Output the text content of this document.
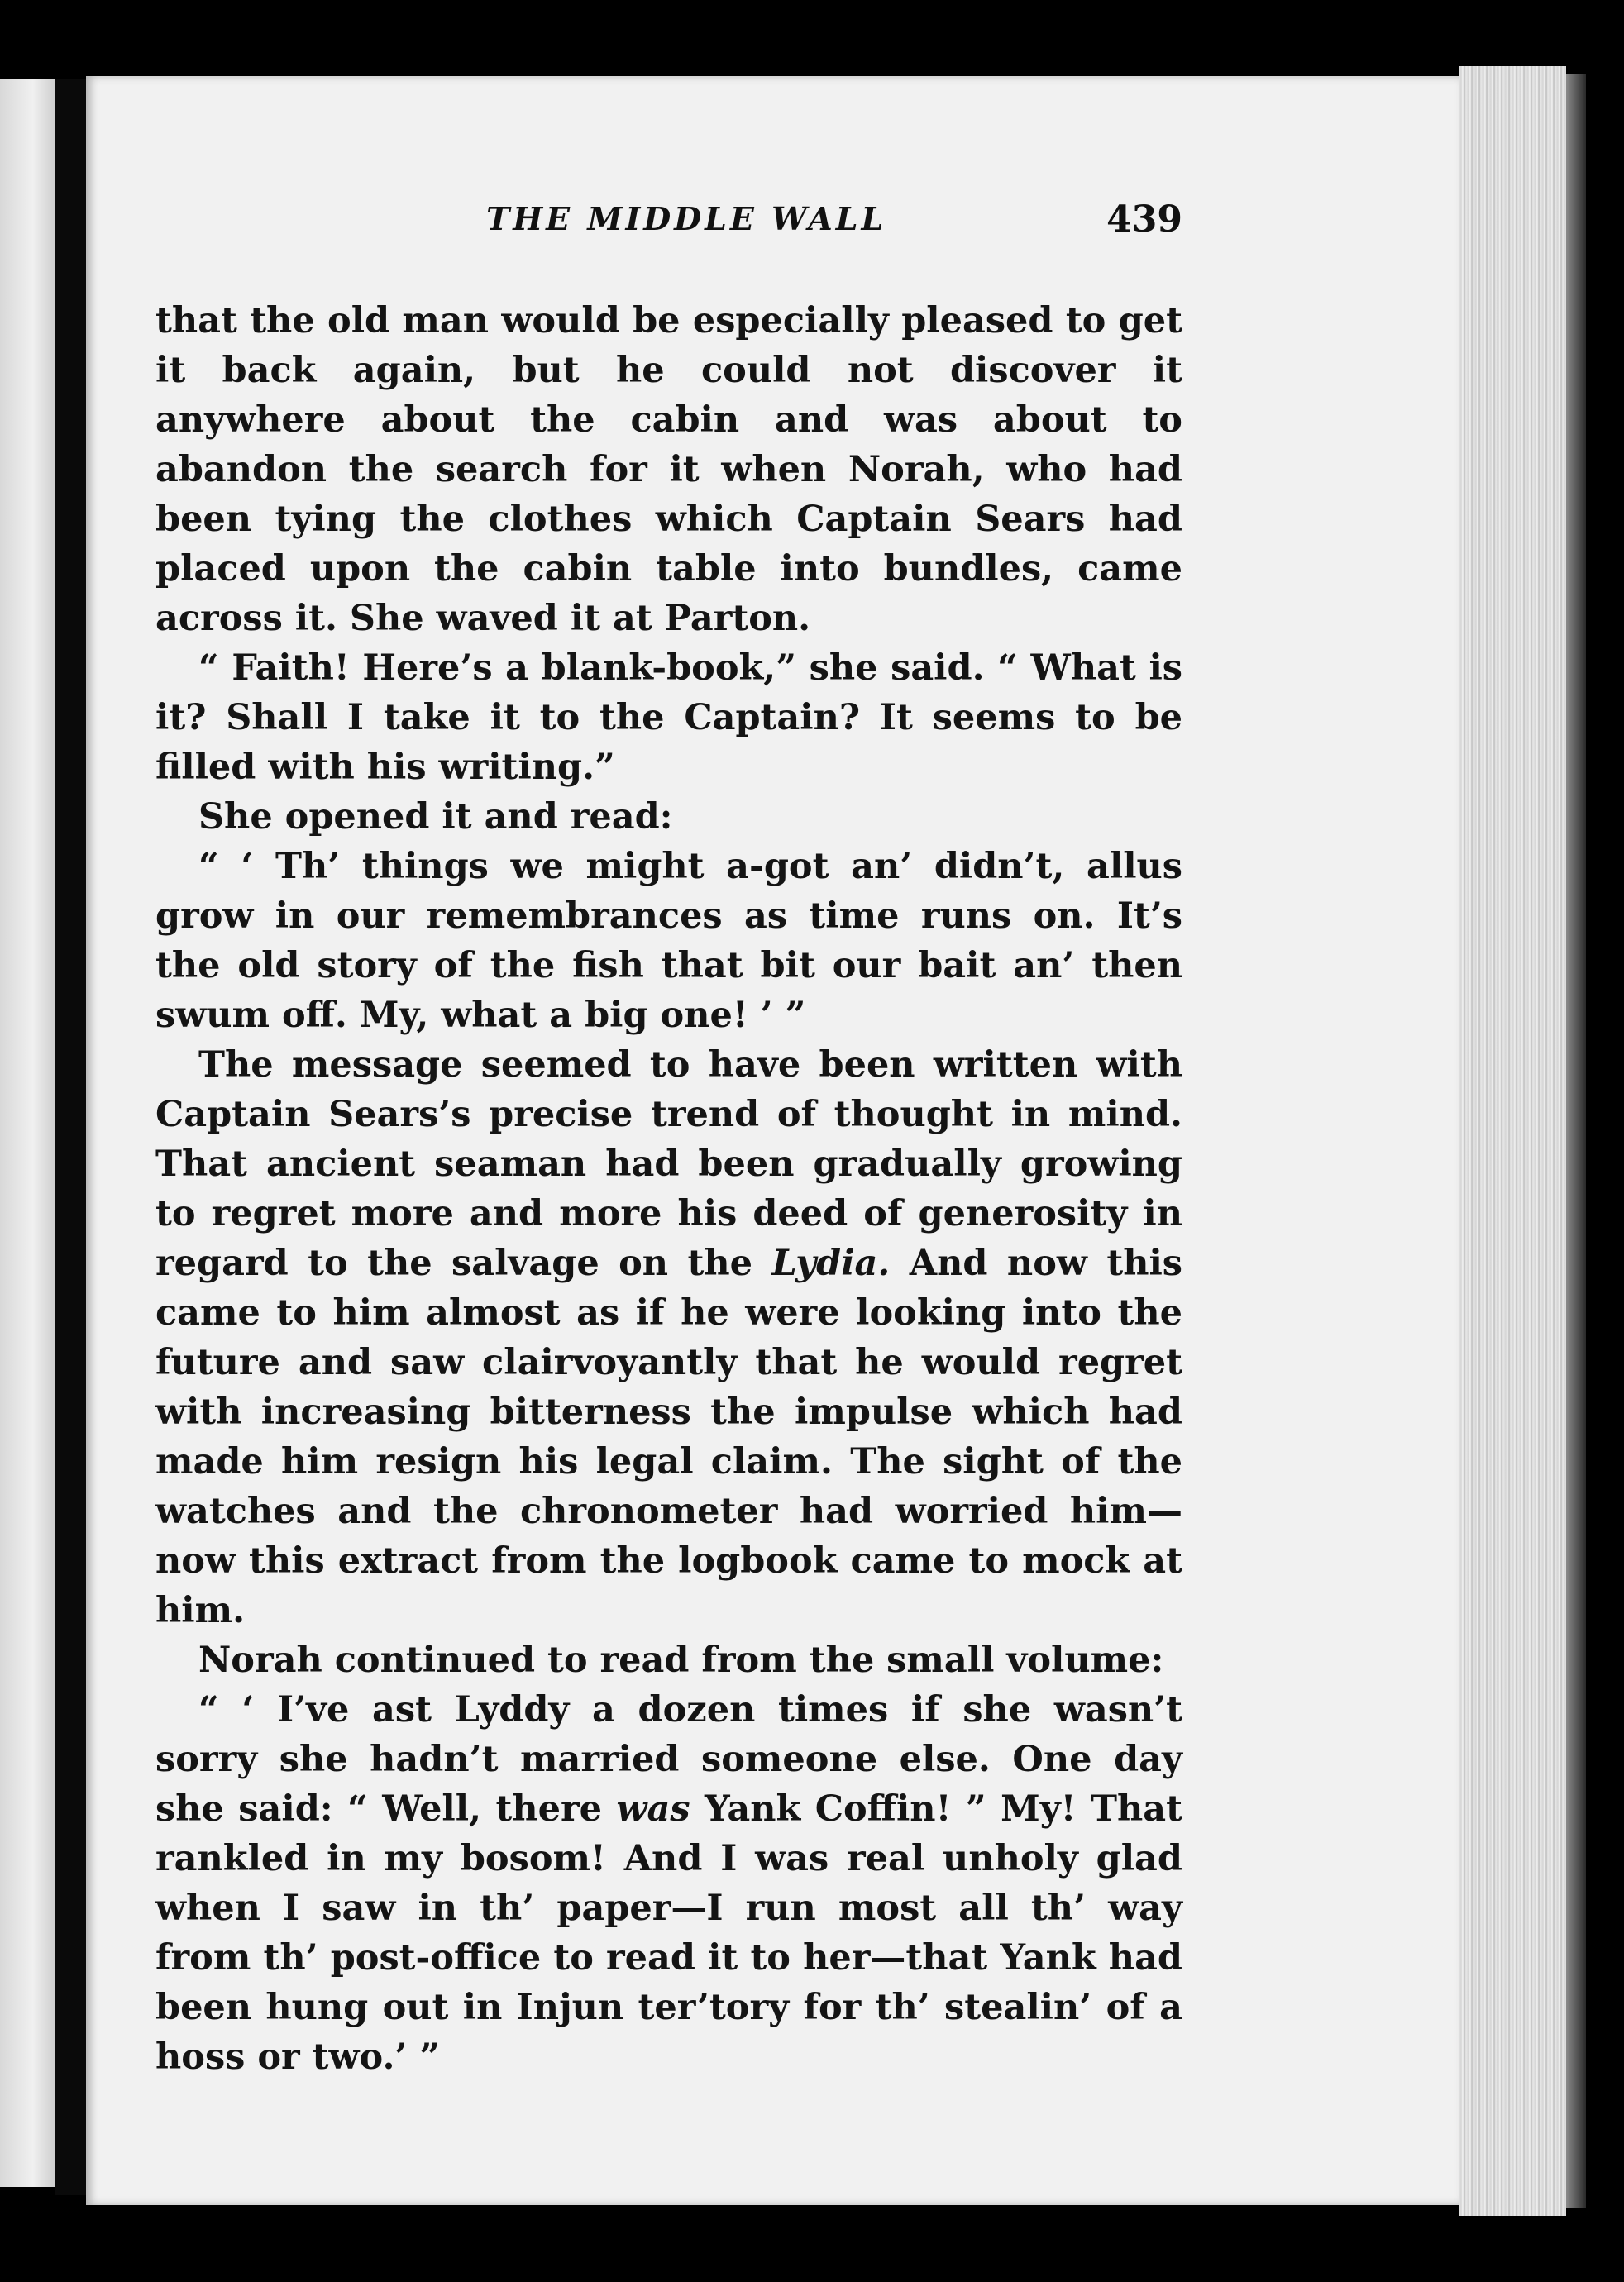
THE MIDDLE WALL	439

that the old man would be especially pleased to get it back again, but he could not discover it anywhere about the cabin and was about to abandon the search for it when Norah, who had been tying the clothes which Captain Sears had placed upon the cabin table into bundles, came across it. She waved it at Parton.

“ Faith! Here’s a blank-book,” she said. “ What is it? Shall I take it to the Captain? It seems to be filled with his writing.”

She opened it and read:

“ ‘ Th’ things we might a-got an’ didn’t, allus grow in our remembrances as time runs on. It’s the old story of the fish that bit our bait an’ then swum off. My, what a big one! ’ ”

The message seemed to have been written with Captain Sears’s precise trend of thought in mind. That ancient seaman had been gradually growing to regret more and more his deed of generosity in regard to the salvage on the Lydia. And now this came to him almost as if he were looking into the future and saw clairvoyantly that he would regret with increasing bitterness the impulse which had made him resign his legal claim. The sight of the watches and the chronometer had worried him—now this extract from the logbook came to mock at him.

Norah continued to read from the small volume:

“ ‘ I’ve ast Lyddy a dozen times if she wasn’t sorry she hadn’t married someone else. One day she said: “ Well, there was Yank Coffin! ” My! That rankled in my bosom! And I was real unholy glad when I saw in th’ paper—I run most all th’ way from th’ post-office to read it to her—that Yank had been hung out in Injun ter’tory for th’ stealin’ of a hoss or two.’ ”
